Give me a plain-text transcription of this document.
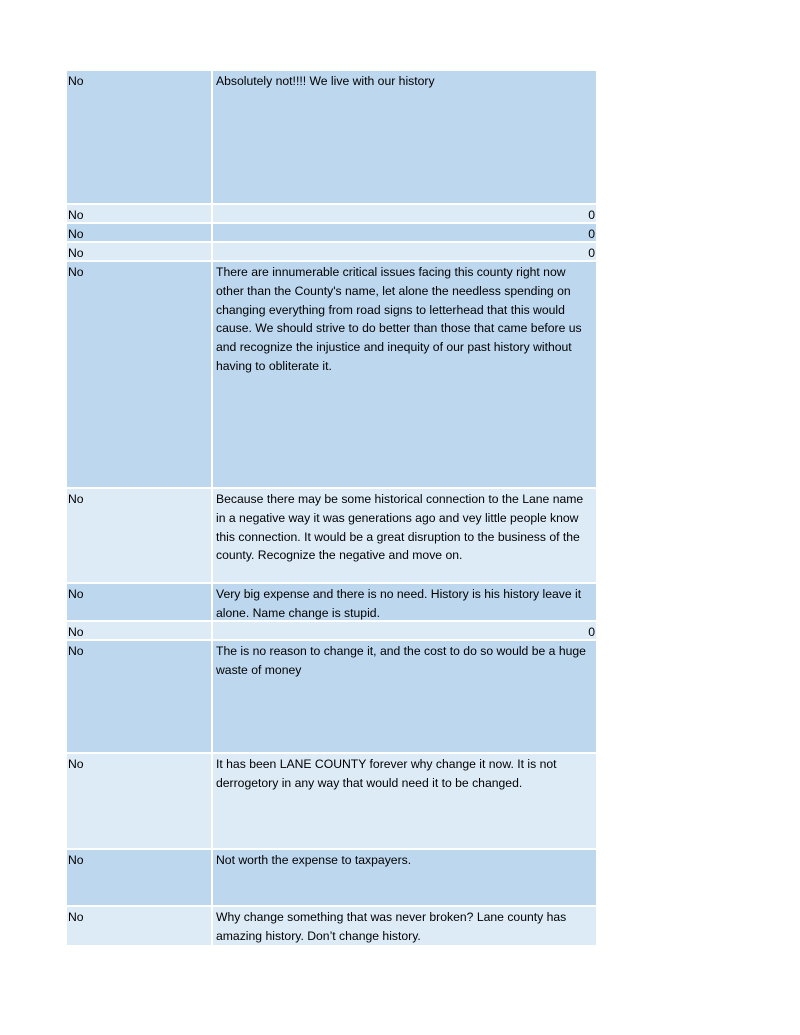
No	Absolutely not!!!! We live with our history
No	0
No	0
No	0
No	There are innumerable critical issues facing this county right now other than the County's name, let alone the needless spending on changing everything from road signs to letterhead that this would cause. We should strive to do better than those that came before us and recognize the injustice and inequity of our past history without having to obliterate it.
No	Because there may be some historical connection to the Lane name in a negative way it was generations ago and vey little people know this connection. It would be a great disruption to the business of the county. Recognize the negative and move on.
No	Very big expense and there is no need. History is his history leave it alone. Name change is stupid.
No	0
No	The is no reason to change it, and the cost to do so would be a huge waste of money
No	It has been LANE COUNTY forever why change it now. It is not derrogetory in any way that would need it to be changed.
No	Not worth the expense to taxpayers.
No	Why change something that was never broken? Lane county has amazing history. Don’t change history.
